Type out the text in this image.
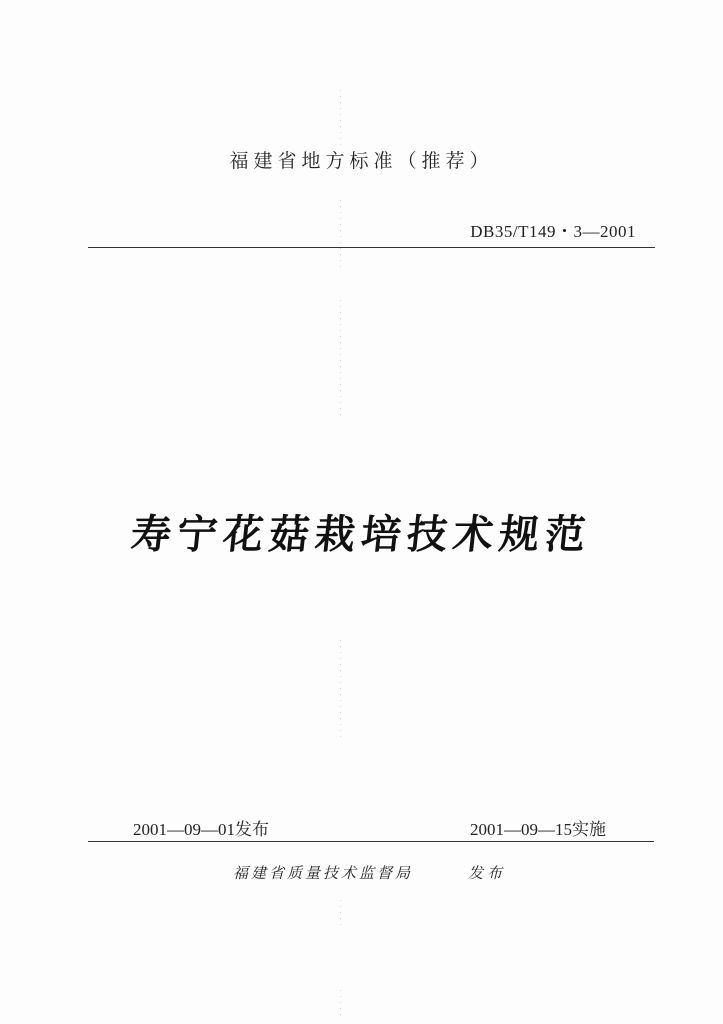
福建省地方标准（推荐）
DB35/T149・3—2001
寿宁花菇栽培技术规范
2001—09—01发布	2001—09—15实施
福建省质量技术监督局	发布
